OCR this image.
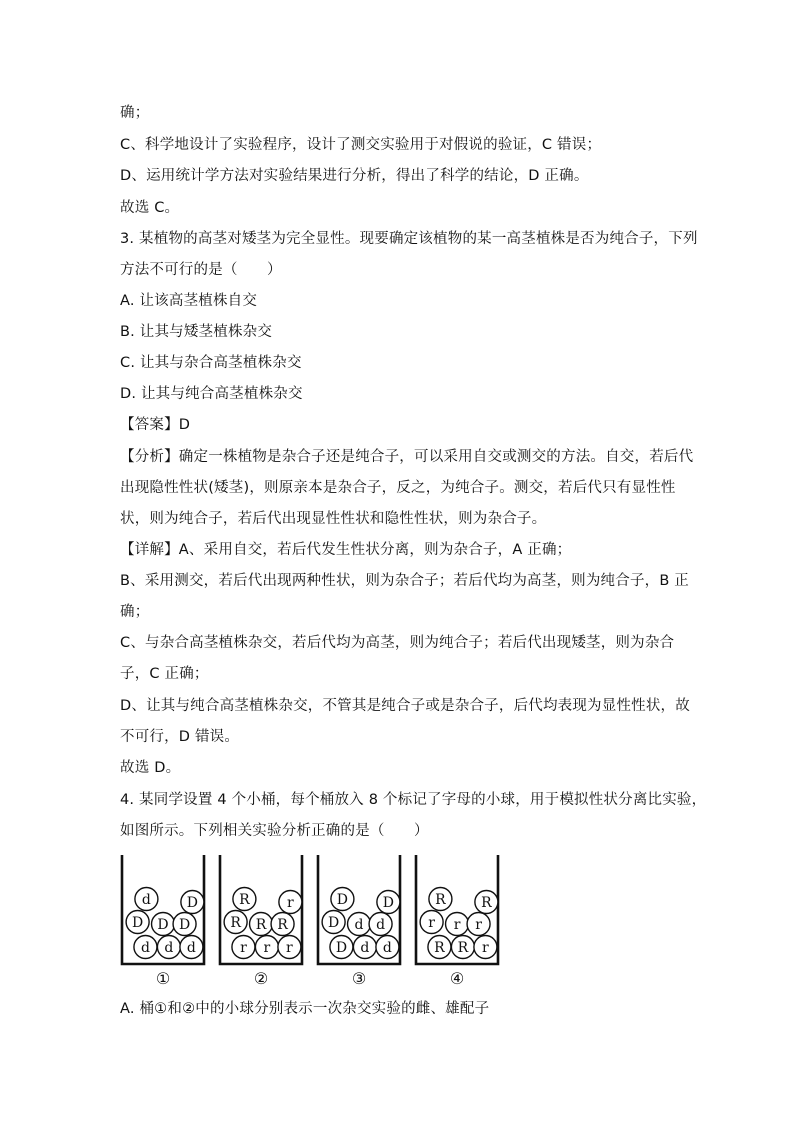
确；
C、科学地设计了实验程序，设计了测交实验用于对假说的验证，C 错误；
D、运用统计学方法对实验结果进行分析，得出了科学的结论，D 正确。
故选 C。
3. 某植物的高茎对矮茎为完全显性。现要确定该植物的某一高茎植株是否为纯合子，下列
方法不可行的是（　　）
A. 让该高茎植株自交
B. 让其与矮茎植株杂交
C. 让其与杂合高茎植株杂交
D. 让其与纯合高茎植株杂交
【答案】D
【分析】确定一株植物是杂合子还是纯合子，可以采用自交或测交的方法。自交，若后代
出现隐性性状(矮茎)，则原亲本是杂合子，反之，为纯合子。测交，若后代只有显性性
状，则为纯合子，若后代出现显性性状和隐性性状，则为杂合子。
【详解】A、采用自交，若后代发生性状分离，则为杂合子，A 正确；
B、采用测交，若后代出现两种性状，则为杂合子；若后代均为高茎，则为纯合子，B 正
确；
C、与杂合高茎植株杂交，若后代均为高茎，则为纯合子；若后代出现矮茎，则为杂合
子，C 正确；
D、让其与纯合高茎植株杂交，不管其是纯合子或是杂合子，后代均表现为显性性状，故
不可行，D 错误。
故选 D。
4. 某同学设置 4 个小桶，每个桶放入 8 个标记了字母的小球，用于模拟性状分离比实验，
如图所示。下列相关实验分析正确的是（　　）
d	D
D D D
d d d
①
R	r
R R R
r r r
②
D D
D d d
D d d
③
R	R
r r r
R R r
④
A. 桶①和②中的小球分别表示一次杂交实验的雌、雄配子
